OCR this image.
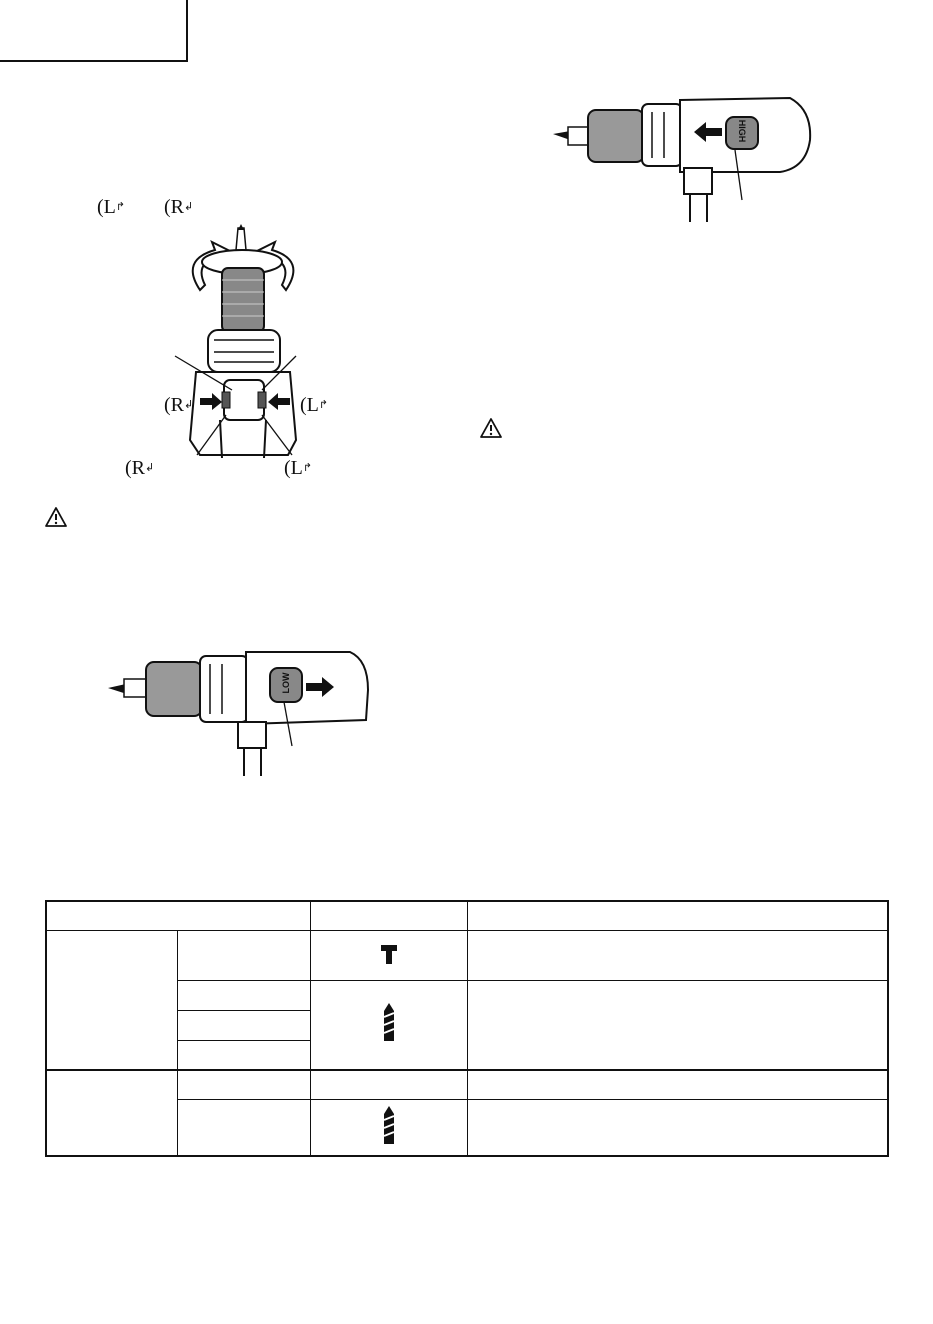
( L ↱	( R ↲
( R ↲	( L ↱
( R ↲	( L ↱
HIGH
LOW
